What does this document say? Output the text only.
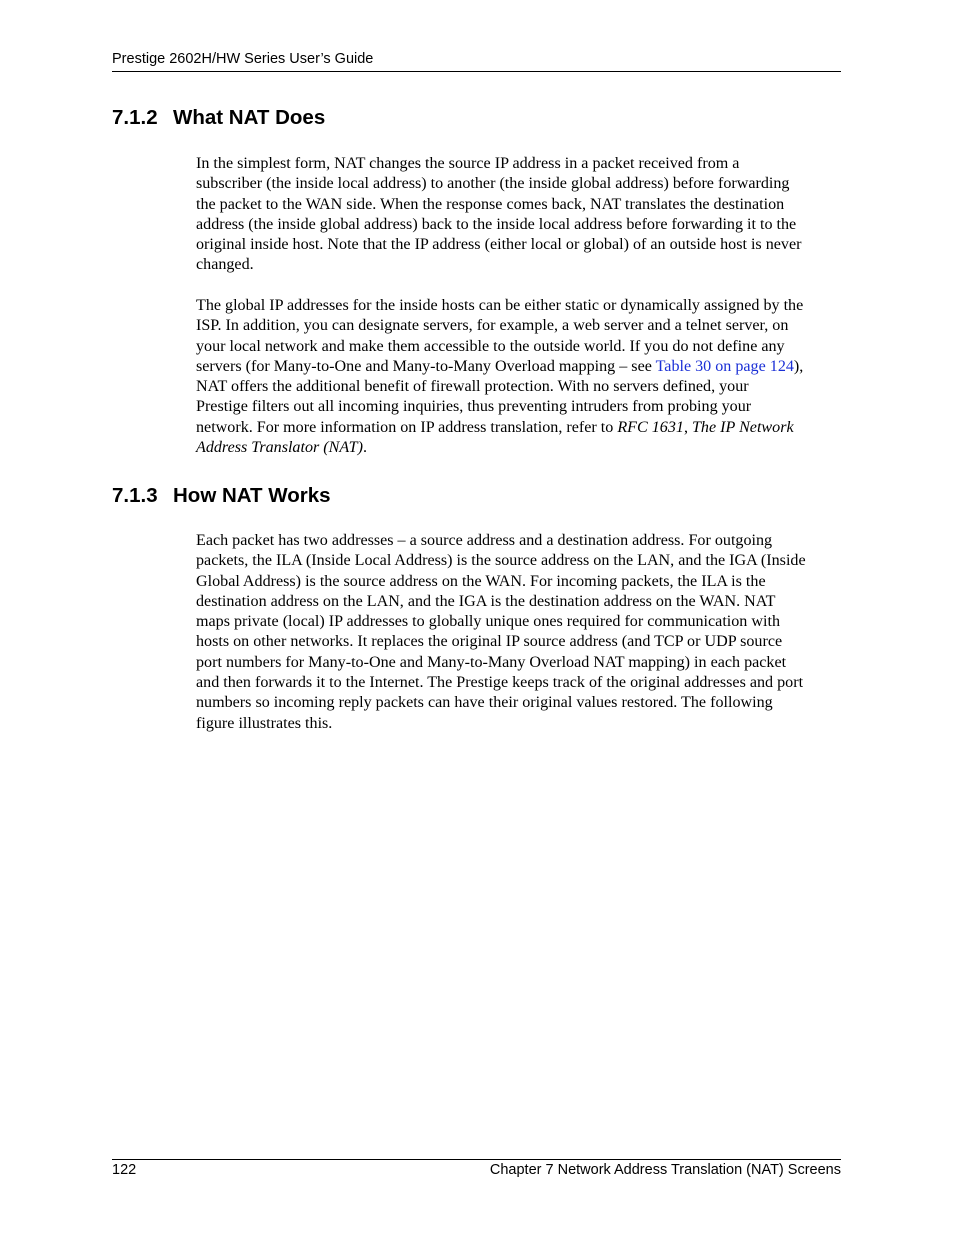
Prestige 2602H/HW Series User’s Guide
7.1.2 What NAT Does
In the simplest form, NAT changes the source IP address in a packet received from a
subscriber (the inside local address) to another (the inside global address) before forwarding
the packet to the WAN side. When the response comes back, NAT translates the destination
address (the inside global address) back to the inside local address before forwarding it to the
original inside host. Note that the IP address (either local or global) of an outside host is never
changed.
The global IP addresses for the inside hosts can be either static or dynamically assigned by the
ISP. In addition, you can designate servers, for example, a web server and a telnet server, on
your local network and make them accessible to the outside world. If you do not define any
servers (for Many-to-One and Many-to-Many Overload mapping – see Table 30 on page 124),
NAT offers the additional benefit of firewall protection. With no servers defined, your
Prestige filters out all incoming inquiries, thus preventing intruders from probing your
network. For more information on IP address translation, refer to RFC 1631, The IP Network
Address Translator (NAT).
7.1.3 How NAT Works
Each packet has two addresses – a source address and a destination address. For outgoing
packets, the ILA (Inside Local Address) is the source address on the LAN, and the IGA (Inside
Global Address) is the source address on the WAN. For incoming packets, the ILA is the
destination address on the LAN, and the IGA is the destination address on the WAN. NAT
maps private (local) IP addresses to globally unique ones required for communication with
hosts on other networks. It replaces the original IP source address (and TCP or UDP source
port numbers for Many-to-One and Many-to-Many Overload NAT mapping) in each packet
and then forwards it to the Internet. The Prestige keeps track of the original addresses and port
numbers so incoming reply packets can have their original values restored. The following
figure illustrates this.
122	Chapter 7 Network Address Translation (NAT) Screens
